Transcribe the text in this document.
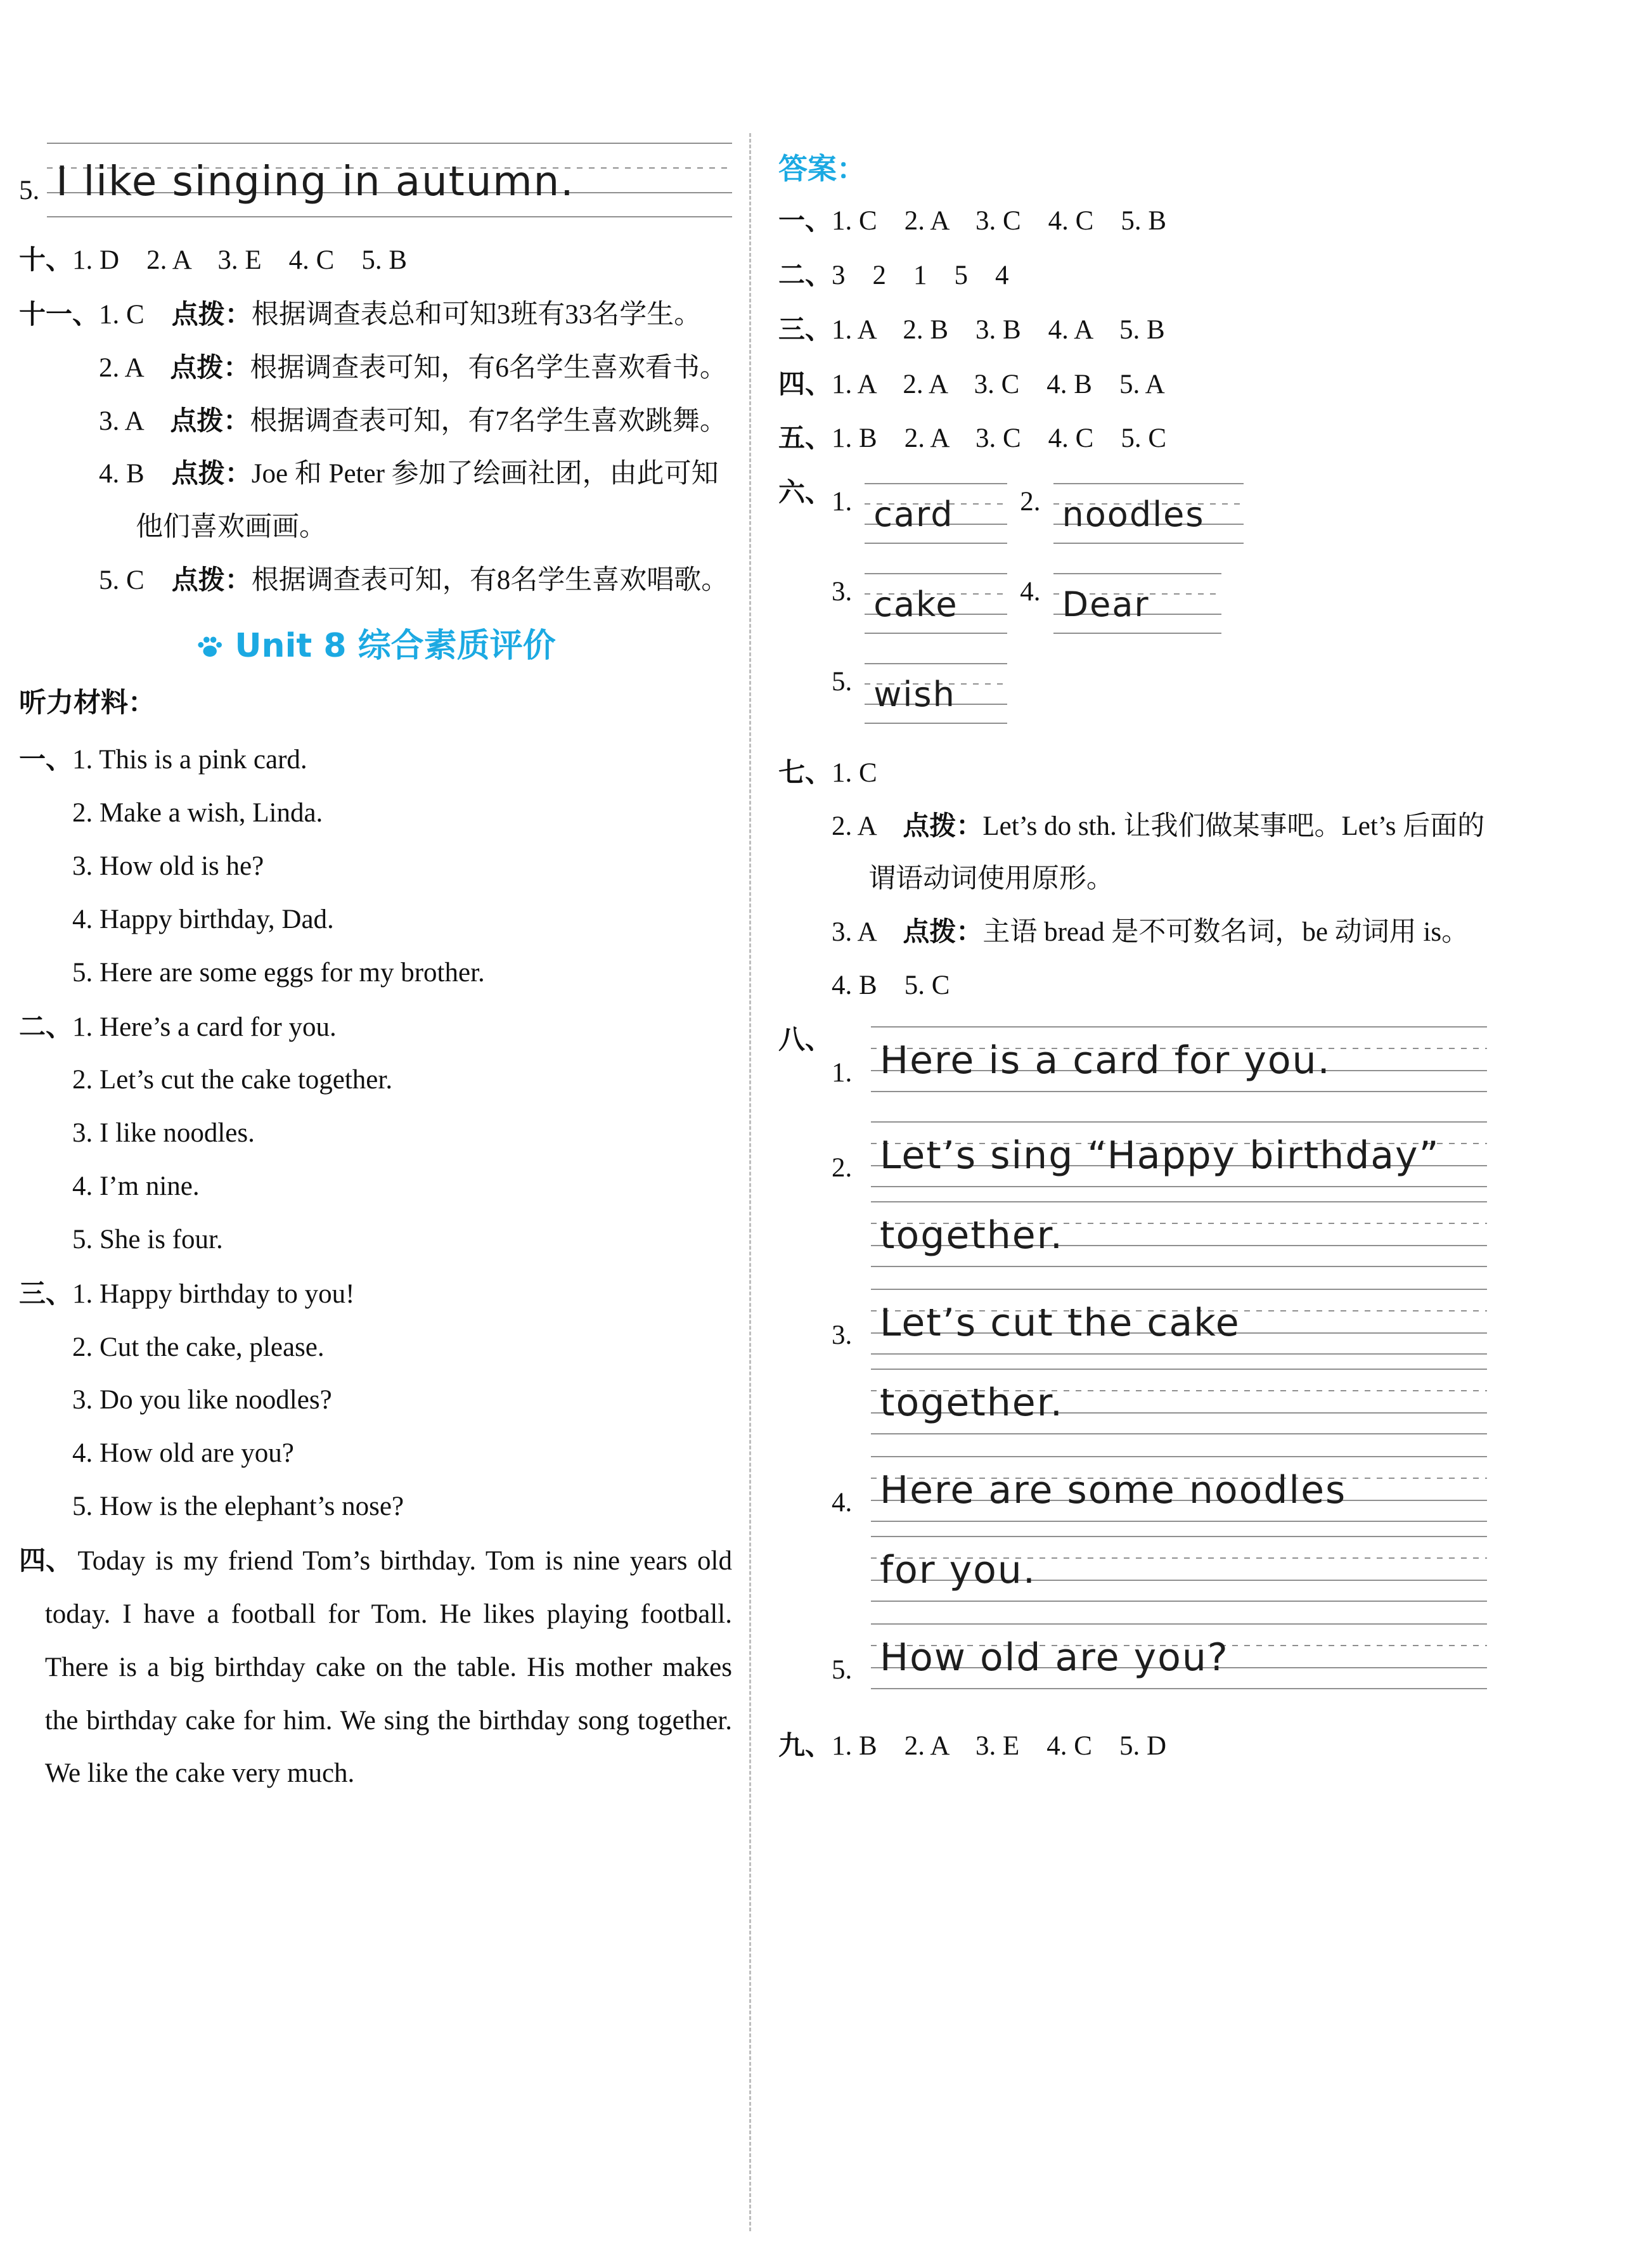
5. I like singing in autumn.
十、 1. D　2. A　3. E　4. C　5. B
十一、 1. C　点拨：根据调查表总和可知3班有33名学生。
2. A　点拨：根据调查表可知，有6名学生喜欢看书。
3. A　点拨：根据调查表可知，有7名学生喜欢跳舞。
4. B　点拨：Joe 和 Peter 参加了绘画社团，由此可知他们喜欢画画。
5. C　点拨：根据调查表可知，有8名学生喜欢唱歌。
Unit 8 综合素质评价
听力材料：
一、 1. This is a pink card.
2. Make a wish, Linda.
3. How old is he?
4. Happy birthday, Dad.
5. Here are some eggs for my brother.
二、 1. Here’s a card for you.
2. Let’s cut the cake together.
3. I like noodles.
4. I’m nine.
5. She is four.
三、 1. Happy birthday to you!
2. Cut the cake, please.
3. Do you like noodles?
4. How old are you?
5. How is the elephant’s nose?
四、 Today is my friend Tom’s birthday. Tom is nine years old today. I have a football for Tom. He likes playing football. There is a big birthday cake on the table. His mother makes the birthday cake for him. We sing the birthday song together. We like the cake very much.
答案：
一、 1. C　2. A　3. C　4. C　5. B
二、 3　2　1　5　4
三、 1. A　2. B　3. B　4. A　5. B
四、 1. A　2. A　3. C　4. B　5. A
五、 1. B　2. A　3. C　4. C　5. C
六、 1. card 2. noodles
3. cake 4. Dear
5. wish
七、 1. C
2. A　点拨：Let’s do sth. 让我们做某事吧。Let’s 后面的谓语动词使用原形。
3. A　点拨：主语 bread 是不可数名词，be 动词用 is。
4. B　5. C
八、
1. Here is a card for you.
2. Let’s sing “Happy birthday”
together.
3. Let’s cut the cake
together.
4. Here are some noodles
for you.
5. How old are you?
九、 1. B　2. A　3. E　4. C　5. D
